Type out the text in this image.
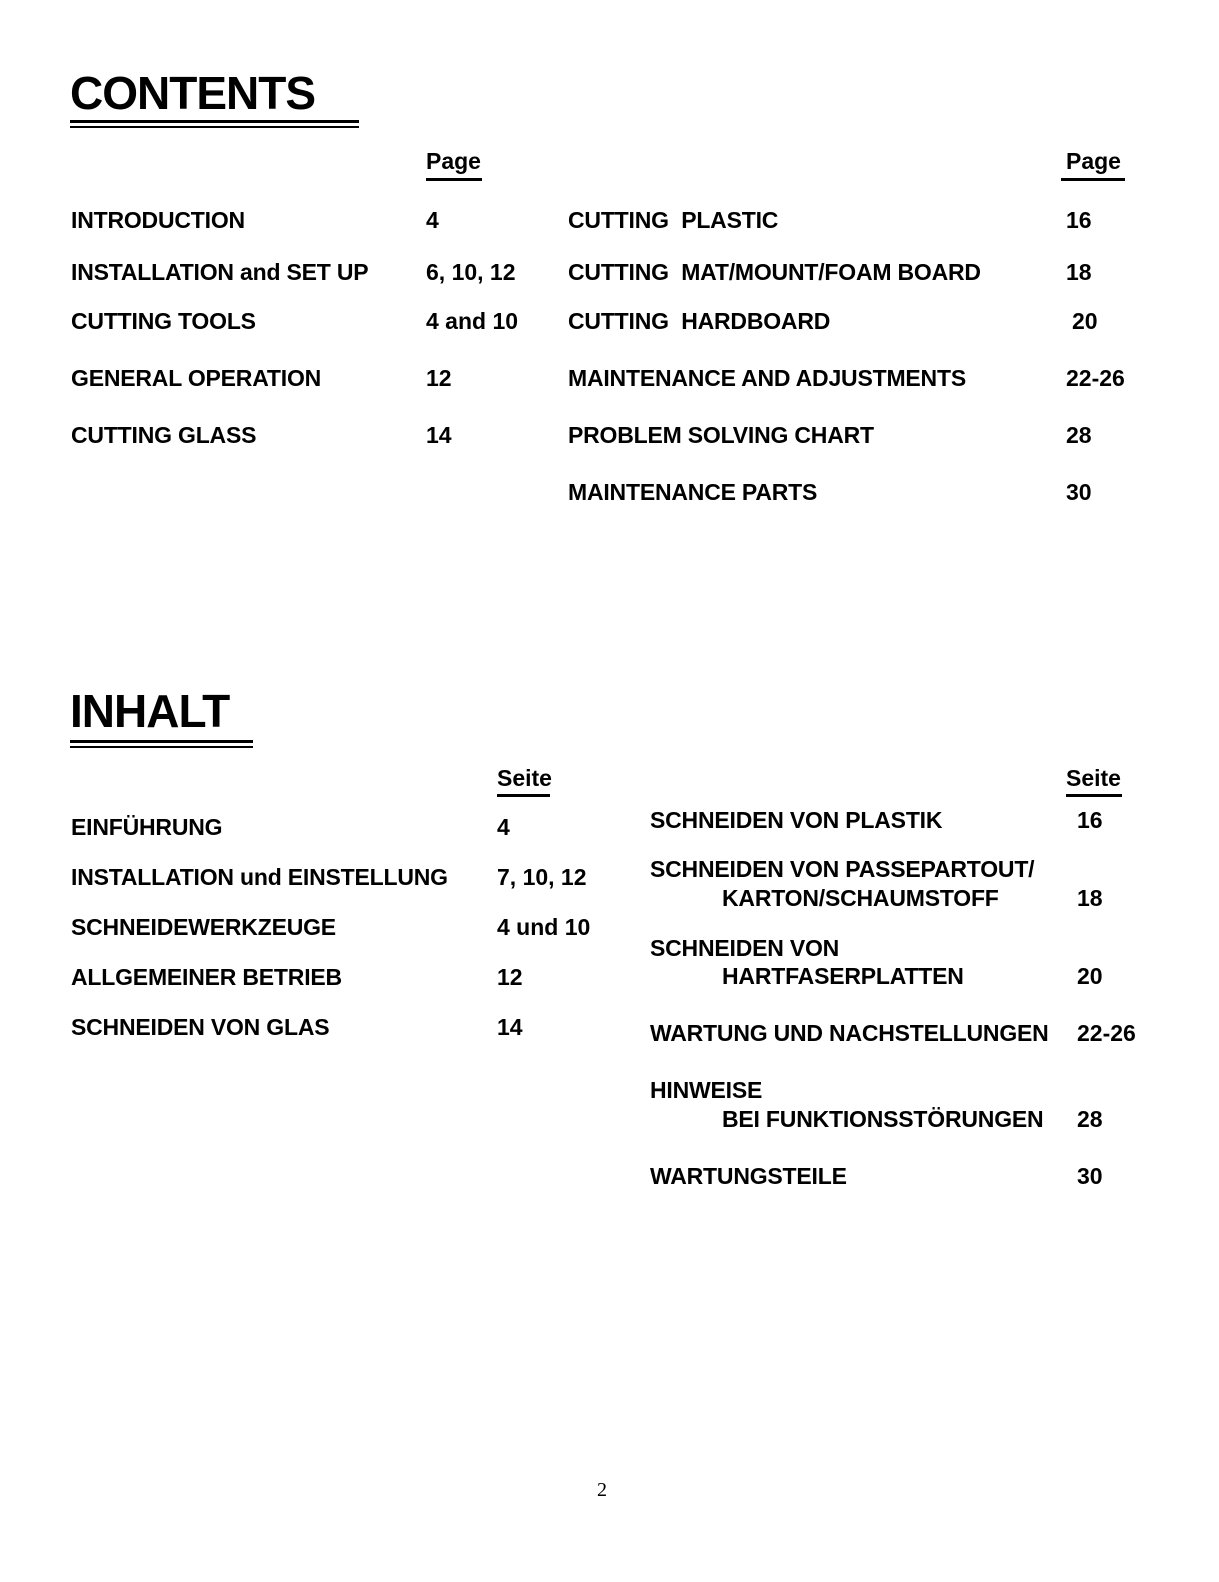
CONTENTS
Page	Page
INTRODUCTION	4
INSTALLATION and SET UP	6, 10, 12
CUTTING TOOLS	4 and 10
GENERAL OPERATION	12
CUTTING GLASS	14
CUTTING  PLASTIC	16
CUTTING  MAT/MOUNT/FOAM BOARD	18
CUTTING  HARDBOARD	20
MAINTENANCE AND ADJUSTMENTS	22-26
PROBLEM SOLVING CHART	28
MAINTENANCE PARTS	30
INHALT
Seite	Seite
EINFÜHRUNG	4
INSTALLATION und EINSTELLUNG 7, 10, 12
SCHNEIDEWERKZEUGE	4 und 10
ALLGEMEINER BETRIEB	12
SCHNEIDEN VON GLAS	14
SCHNEIDEN VON PLASTIK	16
SCHNEIDEN VON PASSEPARTOUT/
KARTON/SCHAUMSTOFF	18
SCHNEIDEN VON
HARTFASERPLATTEN	20
WARTUNG UND NACHSTELLUNGEN 22-26
HINWEISE
BEI FUNKTIONSSTÖRUNGEN 28
WARTUNGSTEILE	30
2
